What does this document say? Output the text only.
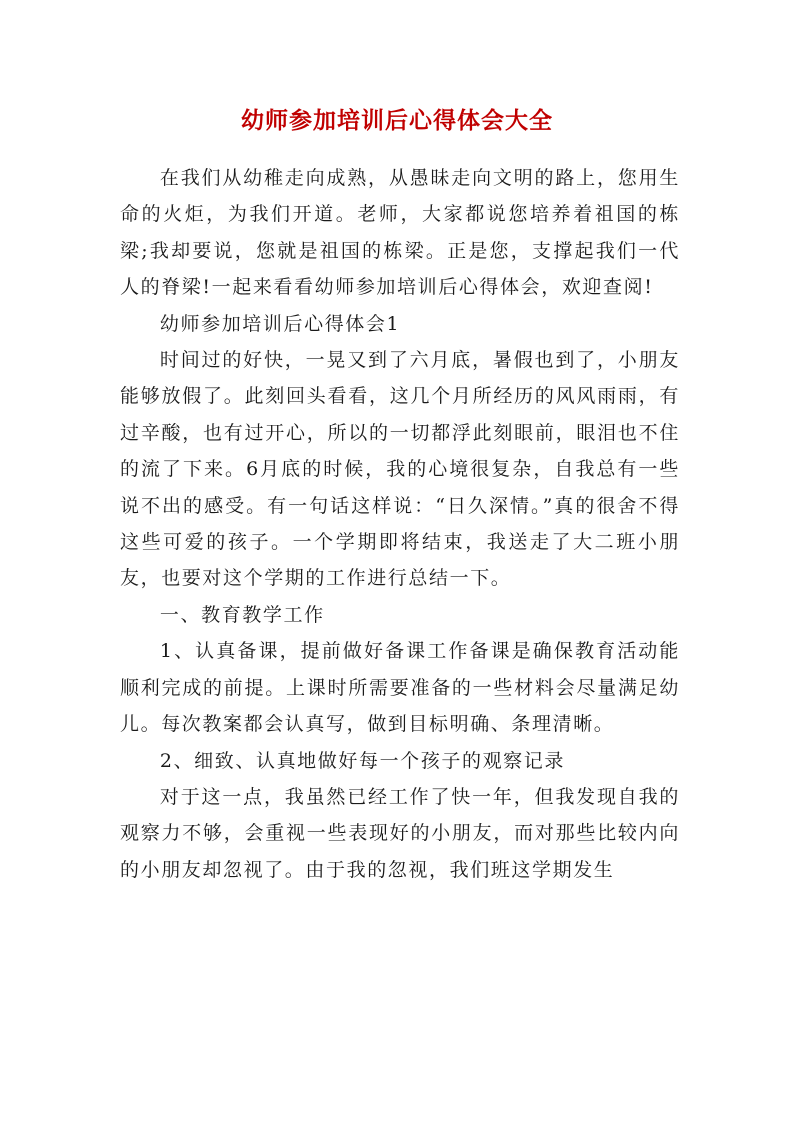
幼师参加培训后心得体会大全

在我们从幼稚走向成熟，从愚昧走向文明的路上，您用生命的火炬，为我们开道。老师，大家都说您培养着祖国的栋梁;我却要说，您就是祖国的栋梁。正是您，支撑起我们一代人的脊梁!一起来看看幼师参加培训后心得体会，欢迎查阅!

幼师参加培训后心得体会1

时间过的好快，一晃又到了六月底，暑假也到了，小朋友能够放假了。此刻回头看看，这几个月所经历的风风雨雨，有过辛酸，也有过开心，所以的一切都浮此刻眼前，眼泪也不住的流了下来。6月底的时候，我的心境很复杂，自我总有一些说不出的感受。有一句话这样说：“日久深情。”真的很舍不得这些可爱的孩子。一个学期即将结束，我送走了大二班小朋友，也要对这个学期的工作进行总结一下。

一、教育教学工作

1、认真备课，提前做好备课工作备课是确保教育活动能顺利完成的前提。上课时所需要准备的一些材料会尽量满足幼儿。每次教案都会认真写，做到目标明确、条理清晰。

2、细致、认真地做好每一个孩子的观察记录

对于这一点，我虽然已经工作了快一年，但我发现自我的观察力不够，会重视一些表现好的小朋友，而对那些比较内向的小朋友却忽视了。由于我的忽视，我们班这学期发生
